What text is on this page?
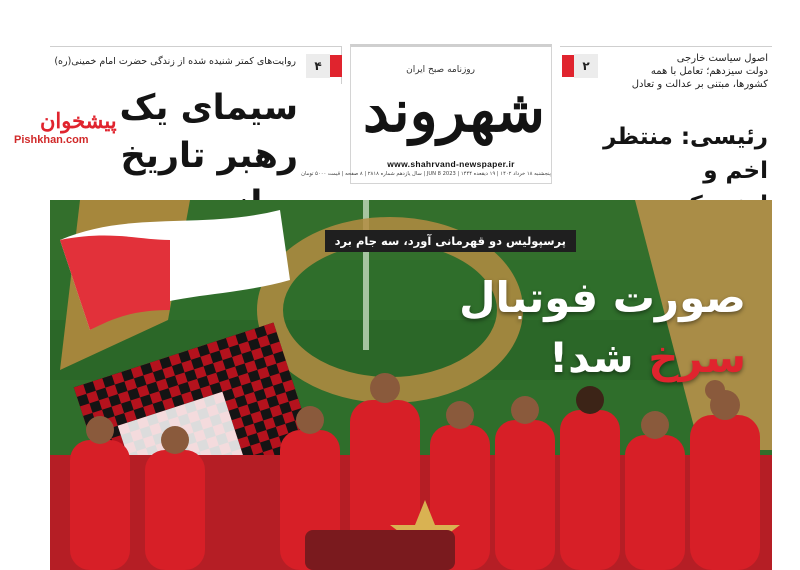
پیشخوان
Pishkhan.com
۴
روایت‌های کمتر شنیده شده از زندگی حضرت امام خمینی(ره)
سیمای یک
رهبر تاریخ
روزنامه صبح ایران
شهروند
www.shahrvand-newspaper.ir
پنجشنبه ۱۸ خرداد ۱۴۰۲ | ۱۹ ذیقعده ۱۴۴۴ | 2023 JUN 8 | سال یازدهم شماره ۲۸۱۸ | ۸ صفحه | قیمت ۵۰۰۰ تومان
۲
اصول سیاست خارجی
دولت سیزدهم؛ تعامل با همه
کشورها، مبتنی بر عدالت و تعادل
رئیسی: منتظر اخم و
پرسپولیس دو قهرمانی آورد، سه جام برد
صورت فوتبال
سرخ شد!
